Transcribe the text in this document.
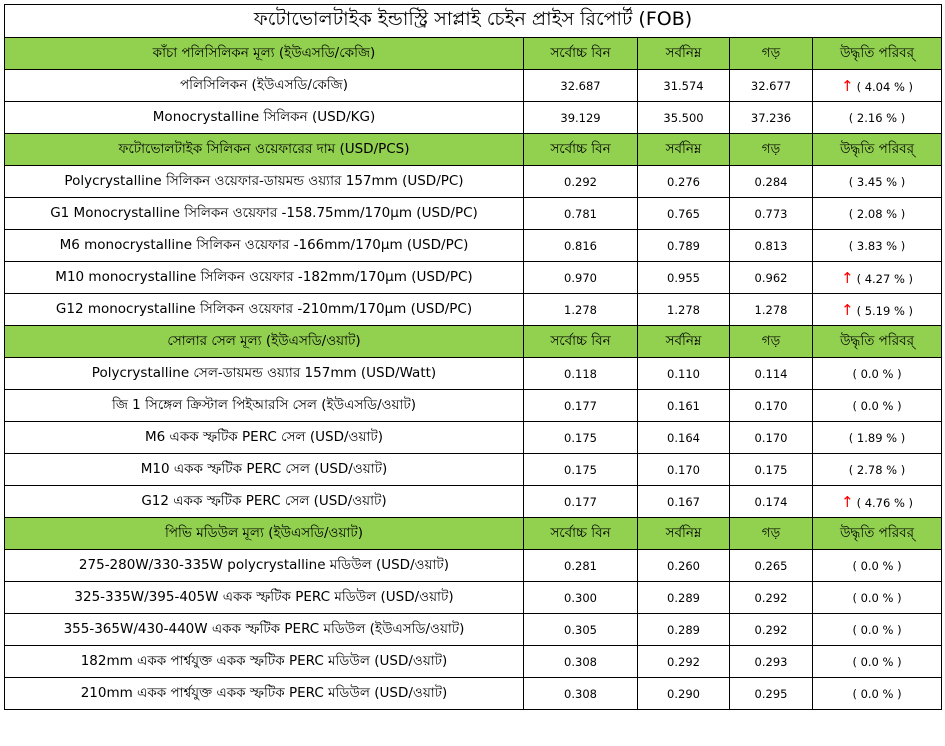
ফটোভোলটাইক ইন্ডাস্ট্রি সাপ্লাই চেইন প্রাইস রিপোর্ট (FOB)				
কাঁচা পলিসিলিকন মূল্য (ইউএসডি/কেজি)	সর্বোচ্চ বিন	সর্বনিম্ন	গড়	উদ্ধৃতি পরিবর্
পলিসিলিকন (ইউএসডি/কেজি)	32.687	31.574	32.677	↑ ( 4.04 % )
Monocrystalline সিলিকন (USD/KG)	39.129	35.500	37.236	( 2.16 % )
ফটোভোলটাইক সিলিকন ওয়েফারের দাম (USD/PCS)	সর্বোচ্চ বিন	সর্বনিম্ন	গড়	উদ্ধৃতি পরিবর্
Polycrystalline সিলিকন ওয়েফার-ডায়মন্ড ওয়্যার 157mm (USD/PC)	0.292	0.276	0.284	( 3.45 % )
G1 Monocrystalline সিলিকন ওয়েফার -158.75mm/170μm (USD/PC)	0.781	0.765	0.773	( 2.08 % )
M6 monocrystalline সিলিকন ওয়েফার -166mm/170μm (USD/PC)	0.816	0.789	0.813	( 3.83 % )
M10 monocrystalline সিলিকন ওয়েফার -182mm/170μm (USD/PC)	0.970	0.955	0.962	↑ ( 4.27 % )
G12 monocrystalline সিলিকন ওয়েফার -210mm/170μm (USD/PC)	1.278	1.278	1.278	↑ ( 5.19 % )
সোলার সেল মূল্য (ইউএসডি/ওয়াট)	সর্বোচ্চ বিন	সর্বনিম্ন	গড়	উদ্ধৃতি পরিবর্
Polycrystalline সেল-ডায়মন্ড ওয়্যার 157mm (USD/Watt)	0.118	0.110	0.114	( 0.0 % )
জি 1 সিঙ্গেল ক্রিস্টাল পিইআরসি সেল (ইউএসডি/ওয়াট)	0.177	0.161	0.170	( 0.0 % )
M6 একক স্ফটিক PERC সেল (USD/ওয়াট)	0.175	0.164	0.170	( 1.89 % )
M10 একক স্ফটিক PERC সেল (USD/ওয়াট)	0.175	0.170	0.175	( 2.78 % )
G12 একক স্ফটিক PERC সেল (USD/ওয়াট)	0.177	0.167	0.174	↑ ( 4.76 % )
পিভি মডিউল মূল্য (ইউএসডি/ওয়াট)	সর্বোচ্চ বিন	সর্বনিম্ন	গড়	উদ্ধৃতি পরিবর্
275-280W/330-335W polycrystalline মডিউল (USD/ওয়াট)	0.281	0.260	0.265	( 0.0 % )
325-335W/395-405W একক স্ফটিক PERC মডিউল (USD/ওয়াট)	0.300	0.289	0.292	( 0.0 % )
355-365W/430-440W একক স্ফটিক PERC মডিউল (ইউএসডি/ওয়াট)	0.305	0.289	0.292	( 0.0 % )
182mm একক পার্শ্বযুক্ত একক স্ফটিক PERC মডিউল (USD/ওয়াট)	0.308	0.292	0.293	( 0.0 % )
210mm একক পার্শ্বযুক্ত একক স্ফটিক PERC মডিউল (USD/ওয়াট)	0.308	0.290	0.295	( 0.0 % )
